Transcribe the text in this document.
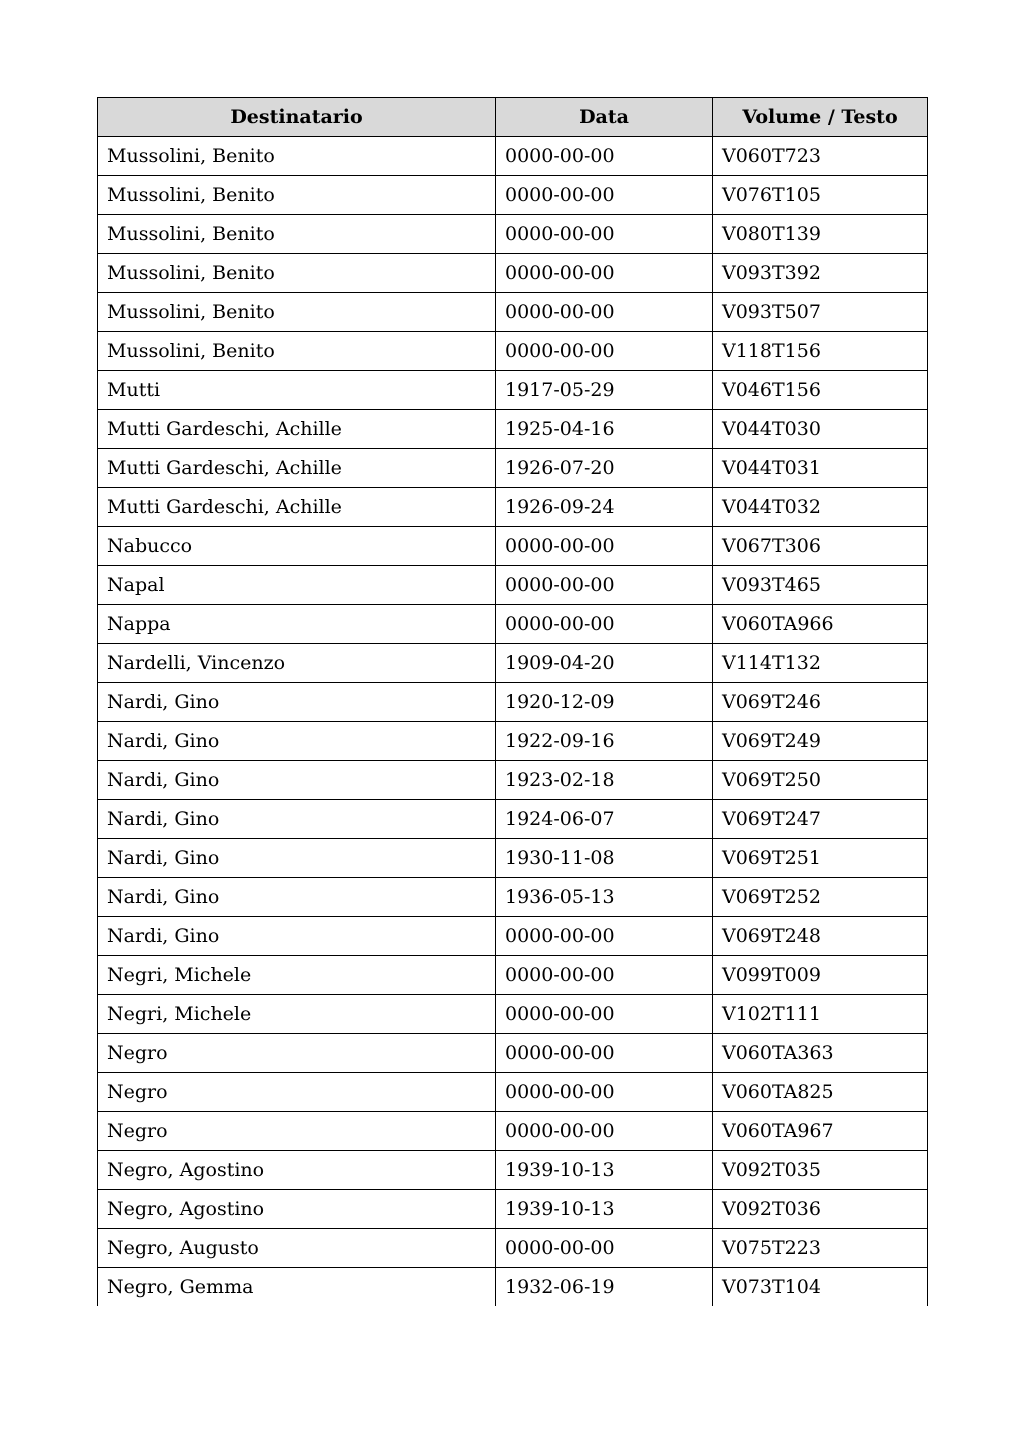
Destinatario	Data	Volume / Testo
Mussolini, Benito	0000-00-00	V060T723
Mussolini, Benito	0000-00-00	V076T105
Mussolini, Benito	0000-00-00	V080T139
Mussolini, Benito	0000-00-00	V093T392
Mussolini, Benito	0000-00-00	V093T507
Mussolini, Benito	0000-00-00	V118T156
Mutti	1917-05-29	V046T156
Mutti Gardeschi, Achille	1925-04-16	V044T030
Mutti Gardeschi, Achille	1926-07-20	V044T031
Mutti Gardeschi, Achille	1926-09-24	V044T032
Nabucco	0000-00-00	V067T306
Napal	0000-00-00	V093T465
Nappa	0000-00-00	V060TA966
Nardelli, Vincenzo	1909-04-20	V114T132
Nardi, Gino	1920-12-09	V069T246
Nardi, Gino	1922-09-16	V069T249
Nardi, Gino	1923-02-18	V069T250
Nardi, Gino	1924-06-07	V069T247
Nardi, Gino	1930-11-08	V069T251
Nardi, Gino	1936-05-13	V069T252
Nardi, Gino	0000-00-00	V069T248
Negri, Michele	0000-00-00	V099T009
Negri, Michele	0000-00-00	V102T111
Negro	0000-00-00	V060TA363
Negro	0000-00-00	V060TA825
Negro	0000-00-00	V060TA967
Negro, Agostino	1939-10-13	V092T035
Negro, Agostino	1939-10-13	V092T036
Negro, Augusto	0000-00-00	V075T223
Negro, Gemma	1932-06-19	V073T104
